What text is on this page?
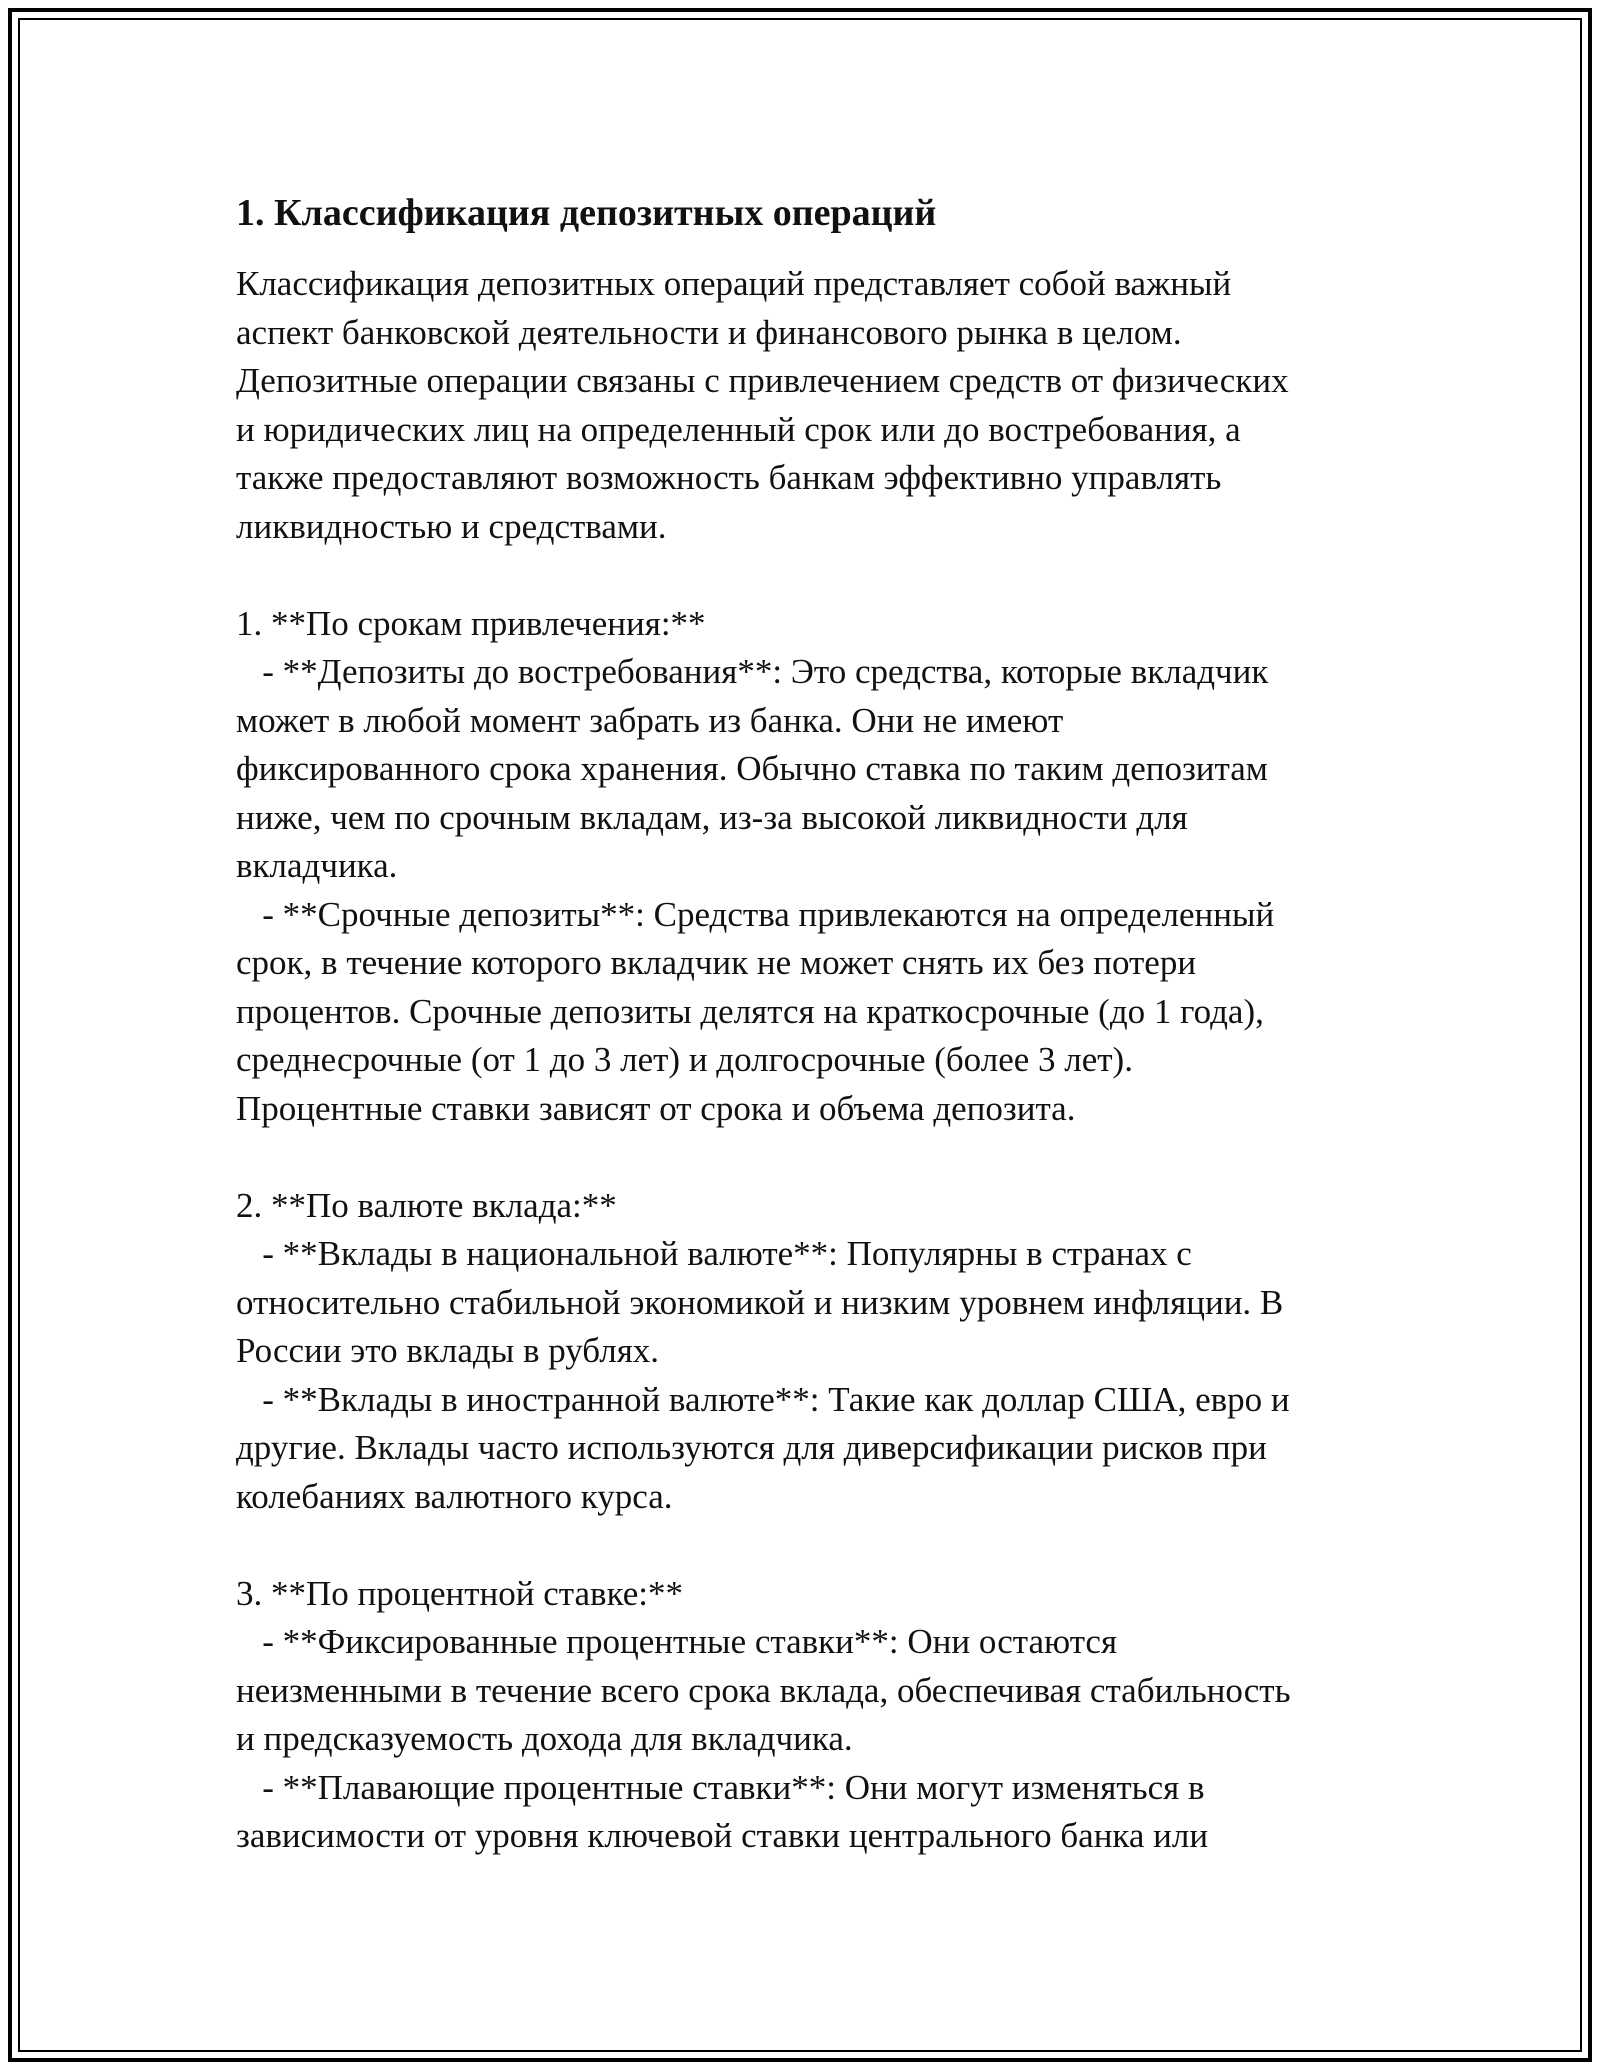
1. Классификация депозитных операций
Классификация депозитных операций представляет собой важный
аспект банковской деятельности и финансового рынка в целом.
Депозитные операции связаны с привлечением средств от физических
и юридических лиц на определенный срок или до востребования, а
также предоставляют возможность банкам эффективно управлять
ликвидностью и средствами.
1. **По срокам привлечения:**
- **Депозиты до востребования**: Это средства, которые вкладчик
может в любой момент забрать из банка. Они не имеют
фиксированного срока хранения. Обычно ставка по таким депозитам
ниже, чем по срочным вкладам, из-за высокой ликвидности для
вкладчика.
- **Срочные депозиты**: Средства привлекаются на определенный
срок, в течение которого вкладчик не может снять их без потери
процентов. Срочные депозиты делятся на краткосрочные (до 1 года),
среднесрочные (от 1 до 3 лет) и долгосрочные (более 3 лет).
Процентные ставки зависят от срока и объема депозита.
2. **По валюте вклада:**
- **Вклады в национальной валюте**: Популярны в странах с
относительно стабильной экономикой и низким уровнем инфляции. В
России это вклады в рублях.
- **Вклады в иностранной валюте**: Такие как доллар США, евро и
другие. Вклады часто используются для диверсификации рисков при
колебаниях валютного курса.
3. **По процентной ставке:**
- **Фиксированные процентные ставки**: Они остаются
неизменными в течение всего срока вклада, обеспечивая стабильность
и предсказуемость дохода для вкладчика.
- **Плавающие процентные ставки**: Они могут изменяться в
зависимости от уровня ключевой ставки центрального банка или
